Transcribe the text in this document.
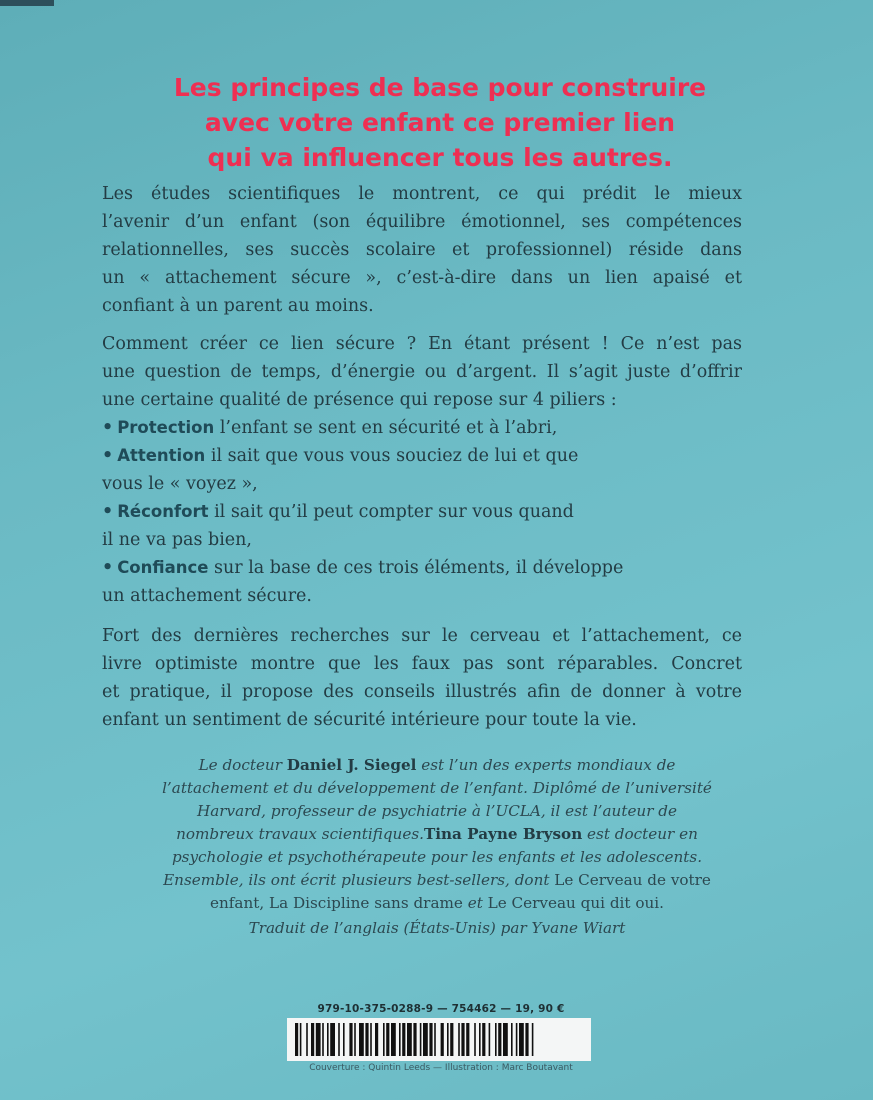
Les principes de base pour construire
avec votre enfant ce premier lien
qui va influencer tous les autres.
Les études scientifiques le montrent, ce qui prédit le mieux
l’avenir d’un enfant (son équilibre émotionnel, ses compétences
relationnelles, ses succès scolaire et professionnel) réside dans
un « attachement sécure », c’est-à-dire dans un lien apaisé et
confiant à un parent au moins.
Comment créer ce lien sécure ? En étant présent ! Ce n’est pas
une question de temps, d’énergie ou d’argent. Il s’agit juste d’offrir
une certaine qualité de présence qui repose sur 4 piliers :
• Protection l’enfant se sent en sécurité et à l’abri,
• Attention il sait que vous vous souciez de lui et que
vous le « voyez »,
• Réconfort il sait qu’il peut compter sur vous quand
il ne va pas bien,
• Confiance sur la base de ces trois éléments, il développe
un attachement sécure.
Fort des dernières recherches sur le cerveau et l’attachement, ce
livre optimiste montre que les faux pas sont réparables. Concret
et pratique, il propose des conseils illustrés afin de donner à votre
enfant un sentiment de sécurité intérieure pour toute la vie.
Le docteur Daniel J. Siegel est l’un des experts mondiaux de
l’attachement et du développement de l’enfant. Diplômé de l’université
Harvard, professeur de psychiatrie à l’UCLA, il est l’auteur de
nombreux travaux scientifiques.Tina Payne Bryson est docteur en
psychologie et psychothérapeute pour les enfants et les adolescents.
Ensemble, ils ont écrit plusieurs best-sellers, dont Le Cerveau de votre
enfant, La Discipline sans drame et Le Cerveau qui dit oui.
Traduit de l’anglais (États-Unis) par Yvane Wiart
979-10-375-0288-9 — 754462 — 19, 90 €
Couverture : Quintin Leeds — Illustration : Marc Boutavant
